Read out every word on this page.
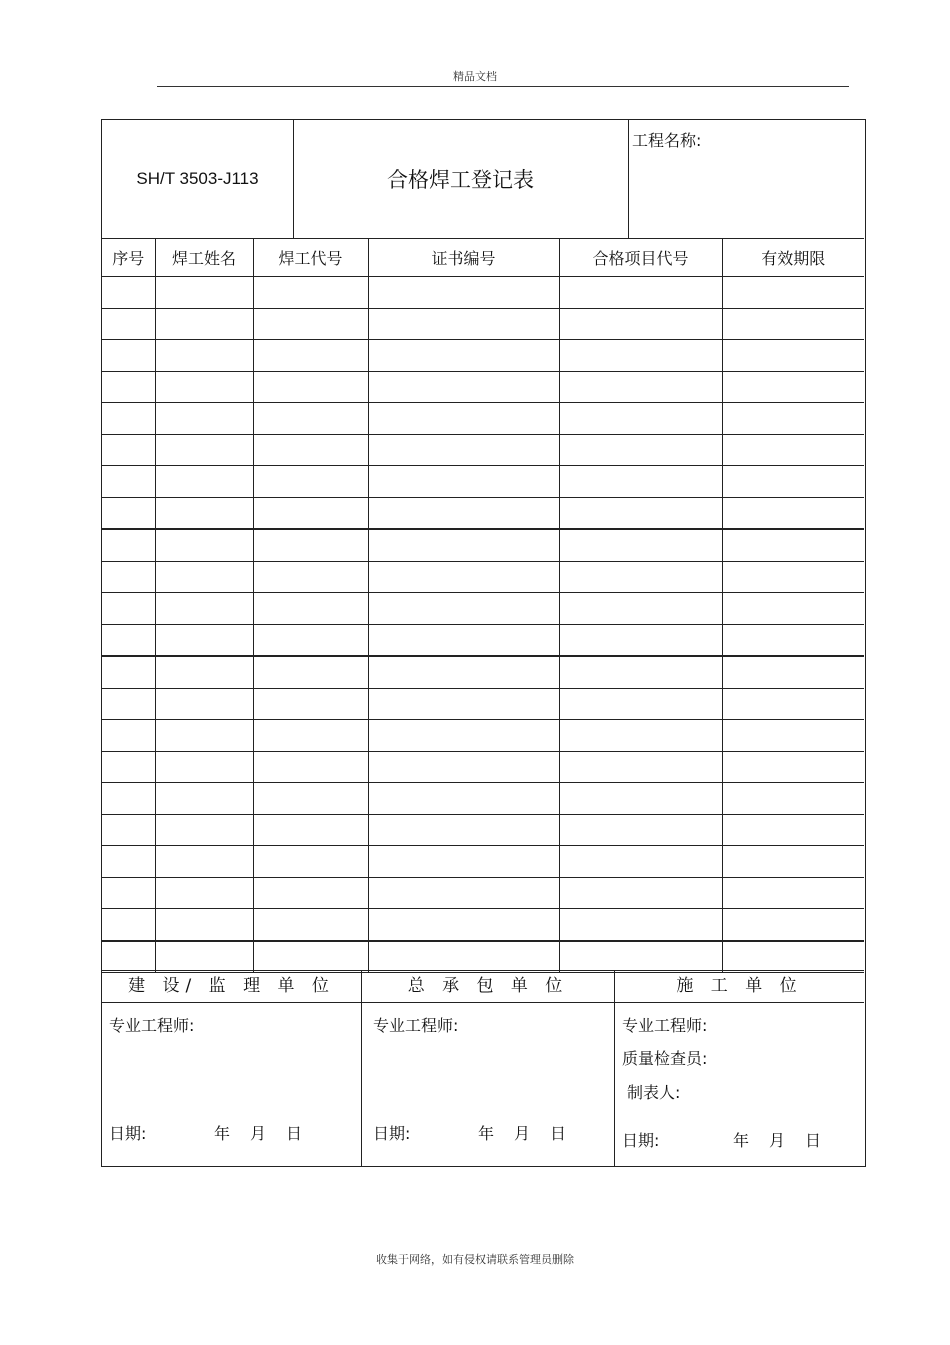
精品文档
SH/T 3503-J113	合格焊工登记表
工程名称:
序号	焊工姓名	焊工代号	证书编号	合格项目代号	有效期限

建 设/ 监 理 单 位	总 承 包 单 位	施 工 单 位
专业工程师:
日期:	年　月　日
专业工程师:
日期:	年　月　日
专业工程师:
质量检查员:
制表人:
日期:	年　月　日
收集于网络，如有侵权请联系管理员删除
